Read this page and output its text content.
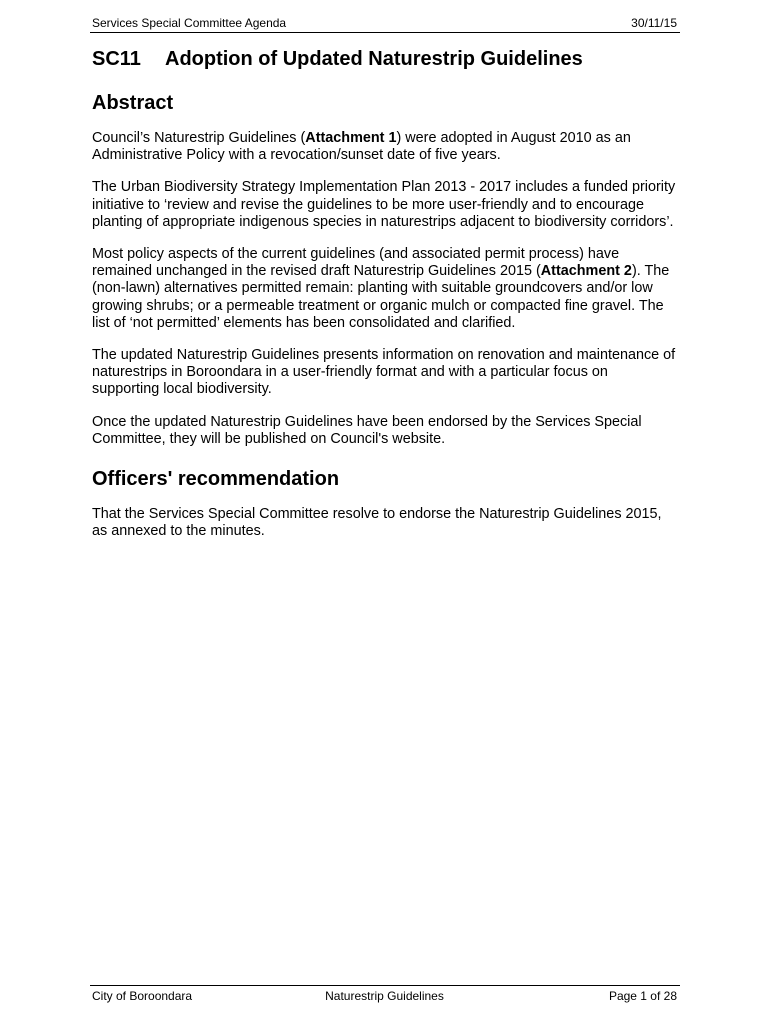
Services Special Committee Agenda	30/11/15
SC11	Adoption of Updated Naturestrip Guidelines
Abstract

Council’s Naturestrip Guidelines (Attachment 1) were adopted in August 2010 as an Administrative Policy with a revocation/sunset date of five years.

The Urban Biodiversity Strategy Implementation Plan 2013 - 2017 includes a funded priority initiative to ‘review and revise the guidelines to be more user-friendly and to encourage planting of appropriate indigenous species in naturestrips adjacent to biodiversity corridors’.

Most policy aspects of the current guidelines (and associated permit process) have remained unchanged in the revised draft Naturestrip Guidelines 2015 (Attachment 2). The (non-lawn) alternatives permitted remain: planting with suitable groundcovers and/or low growing shrubs; or a permeable treatment or organic mulch or compacted fine gravel. The list of ‘not permitted’ elements has been consolidated and clarified.

The updated Naturestrip Guidelines presents information on renovation and maintenance of naturestrips in Boroondara in a user-friendly format and with a particular focus on supporting local biodiversity.

Once the updated Naturestrip Guidelines have been endorsed by the Services Special Committee, they will be published on Council's website.

Officers' recommendation

That the Services Special Committee resolve to endorse the Naturestrip Guidelines 2015, as annexed to the minutes.

City of Boroondara	Naturestrip Guidelines	Page 1 of 28
